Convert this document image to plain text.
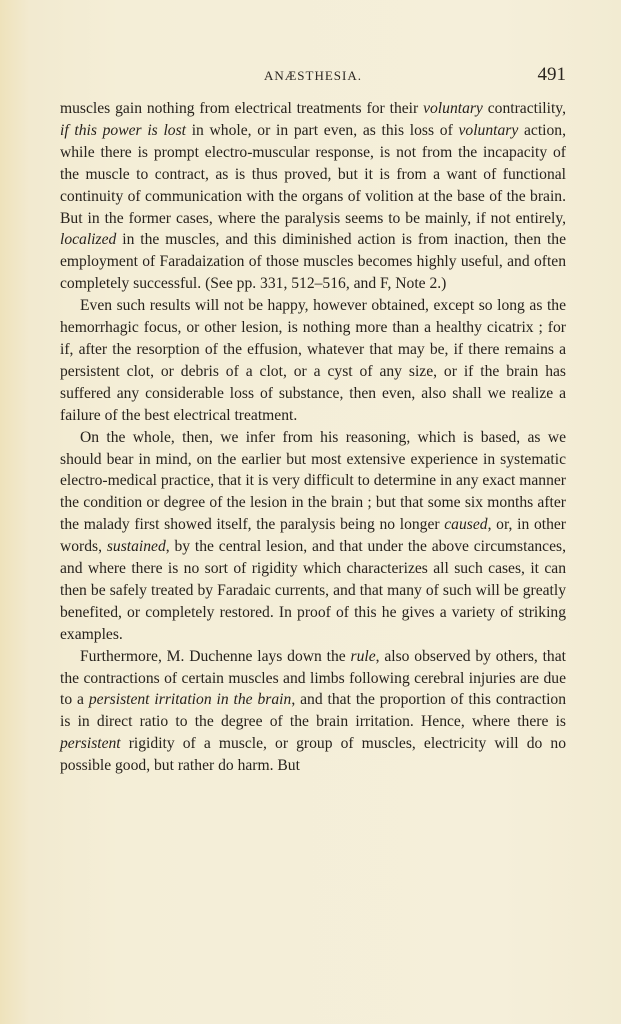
ANÆSTHESIA.	491

muscles gain nothing from electrical treatments for their voluntary contractility, if this power is lost in whole, or in part even, as this loss of voluntary action, while there is prompt electro-muscular response, is not from the incapacity of the muscle to contract, as is thus proved, but it is from a want of functional continuity of communication with the organs of volition at the base of the brain. But in the former cases, where the paralysis seems to be mainly, if not entirely, localized in the muscles, and this diminished action is from inaction, then the employment of Faradaization of those muscles becomes highly useful, and often completely successful. (See pp. 331, 512–516, and F, Note 2.)

Even such results will not be happy, however obtained, except so long as the hemorrhagic focus, or other lesion, is nothing more than a healthy cicatrix ; for if, after the resorption of the effusion, whatever that may be, if there remains a persistent clot, or debris of a clot, or a cyst of any size, or if the brain has suffered any considerable loss of substance, then even, also shall we realize a failure of the best electrical treatment.

On the whole, then, we infer from his reasoning, which is based, as we should bear in mind, on the earlier but most extensive experience in systematic electro-medical practice, that it is very difficult to determine in any exact manner the condition or degree of the lesion in the brain ; but that some six months after the malady first showed itself, the paralysis being no longer caused, or, in other words, sustained, by the central lesion, and that under the above circumstances, and where there is no sort of rigidity which characterizes all such cases, it can then be safely treated by Faradaic currents, and that many of such will be greatly benefited, or completely restored. In proof of this he gives a variety of striking examples.

Furthermore, M. Duchenne lays down the rule, also observed by others, that the contractions of certain muscles and limbs following cerebral injuries are due to a persistent irritation in the brain, and that the proportion of this contraction is in direct ratio to the degree of the brain irritation. Hence, where there is persistent rigidity of a muscle, or group of muscles, electricity will do no possible good, but rather do harm. But
